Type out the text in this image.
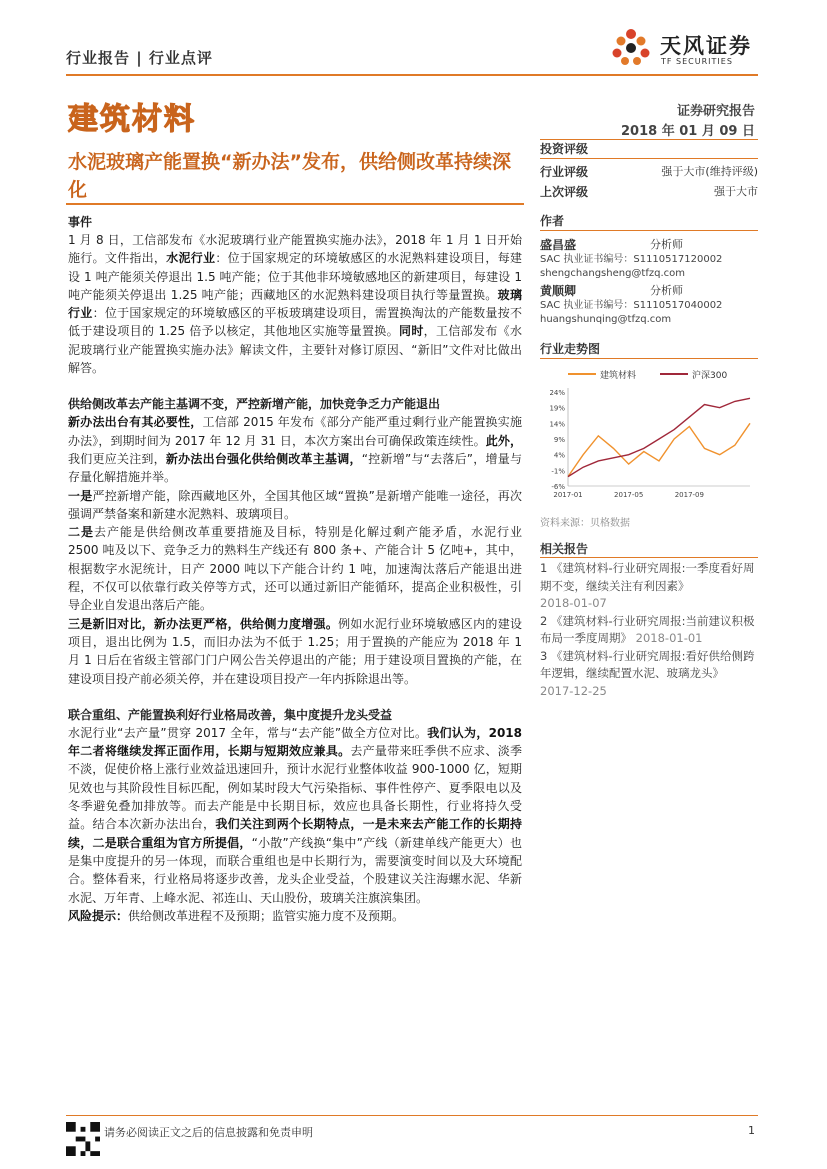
行业报告 | 行业点评	天风证券
TF SECURITIES
建筑材料	证券研究报告
2018 年 01 月 09 日
水泥玻璃产能置换“新办法”发布，供给侧改革持续深化
事件

1 月 8 日，工信部发布《水泥玻璃行业产能置换实施办法》，2018 年 1 月 1 日开始施行。文件指出，水泥行业：位于国家规定的环境敏感区的水泥熟料建设项目，每建设 1 吨产能须关停退出 1.5 吨产能；位于其他非环境敏感地区的新建项目，每建设 1 吨产能须关停退出 1.25 吨产能；西藏地区的水泥熟料建设项目执行等量置换。玻璃行业：位于国家规定的环境敏感区的平板玻璃建设项目，需置换淘汰的产能数量按不低于建设项目的 1.25 倍予以核定，其他地区实施等量置换。同时，工信部发布《水泥玻璃行业产能置换实施办法》解读文件，主要针对修订原因、“新旧”文件对比做出解答。

供给侧改革去产能主基调不变，严控新增产能，加快竞争乏力产能退出

新办法出台有其必要性，工信部 2015 年发布《部分产能严重过剩行业产能置换实施办法》，到期时间为 2017 年 12 月 31 日，本次方案出台可确保政策连续性。此外，我们更应关注到，新办法出台强化供给侧改革主基调，“控新增”与“去落后”，增量与存量化解措施并举。

一是严控新增产能，除西藏地区外，全国其他区域“置换”是新增产能唯一途径，再次强调严禁备案和新建水泥熟料、玻璃项目。

二是去产能是供给侧改革重要措施及目标，特别是化解过剩产能矛盾，水泥行业 2500 吨及以下、竞争乏力的熟料生产线还有 800 条+、产能合计 5 亿吨+，其中，根据数字水泥统计，日产 2000 吨以下产能合计约 1 吨，加速淘汰落后产能退出进程，不仅可以依靠行政关停等方式，还可以通过新旧产能循环，提高企业积极性，引导企业自发退出落后产能。

三是新旧对比，新办法更严格，供给侧力度增强。例如水泥行业环境敏感区内的建设项目，退出比例为 1.5，而旧办法为不低于 1.25；用于置换的产能应为 2018 年 1 月 1 日后在省级主管部门门户网公告关停退出的产能；用于建设项目置换的产能，在建设项目投产前必须关停，并在建设项目投产一年内拆除退出等。

联合重组、产能置换利好行业格局改善，集中度提升龙头受益

水泥行业“去产量”贯穿 2017 全年，常与“去产能”做全方位对比。我们认为，2018 年二者将继续发挥正面作用，长期与短期效应兼具。去产量带来旺季供不应求、淡季不淡，促使价格上涨行业效益迅速回升，预计水泥行业整体收益 900-1000 亿，短期见效也与其阶段性目标匹配，例如某时段大气污染指标、事件性停产、夏季限电以及冬季避免叠加排放等。而去产能是中长期目标，效应也具备长期性，行业将持久受益。结合本次新办法出台，我们关注到两个长期特点，一是未来去产能工作的长期持续，二是联合重组为官方所提倡，“小散”产线换“集中”产线（新建单线产能更大）也是集中度提升的另一体现，而联合重组也是中长期行为，需要演变时间以及大环境配合。整体看来，行业格局将逐步改善，龙头企业受益，个股建议关注海螺水泥、华新水泥、万年青、上峰水泥、祁连山、天山股份，玻璃关注旗滨集团。

风险提示：供给侧改革进程不及预期；监管实施力度不及预期。

投资评级
行业评级	强于大市(维持评级)
上次评级	强于大市
作者
盛昌盛	分析师
SAC 执业证书编号：S1110517120002
shengchangsheng@tfzq.com
黄顺卿	分析师
SAC 执业证书编号：S1110517040002
huangshunqing@tfzq.com
行业走势图
建筑材料	沪深300
24%
19%
14%
9%
4%
-1%
-6%
2017-01	2017-05	2017-09
资料来源：贝格数据
相关报告
1 《建筑材料-行业研究周报:一季度看好周期不变，继续关注有利因素》
2018-01-07
2 《建筑材料-行业研究周报:当前建议积极布局一季度周期》 2018-01-01
3 《建筑材料-行业研究周报:看好供给侧跨年逻辑，继续配置水泥、玻璃龙头》
2017-12-25
请务必阅读正文之后的信息披露和免责申明	1
